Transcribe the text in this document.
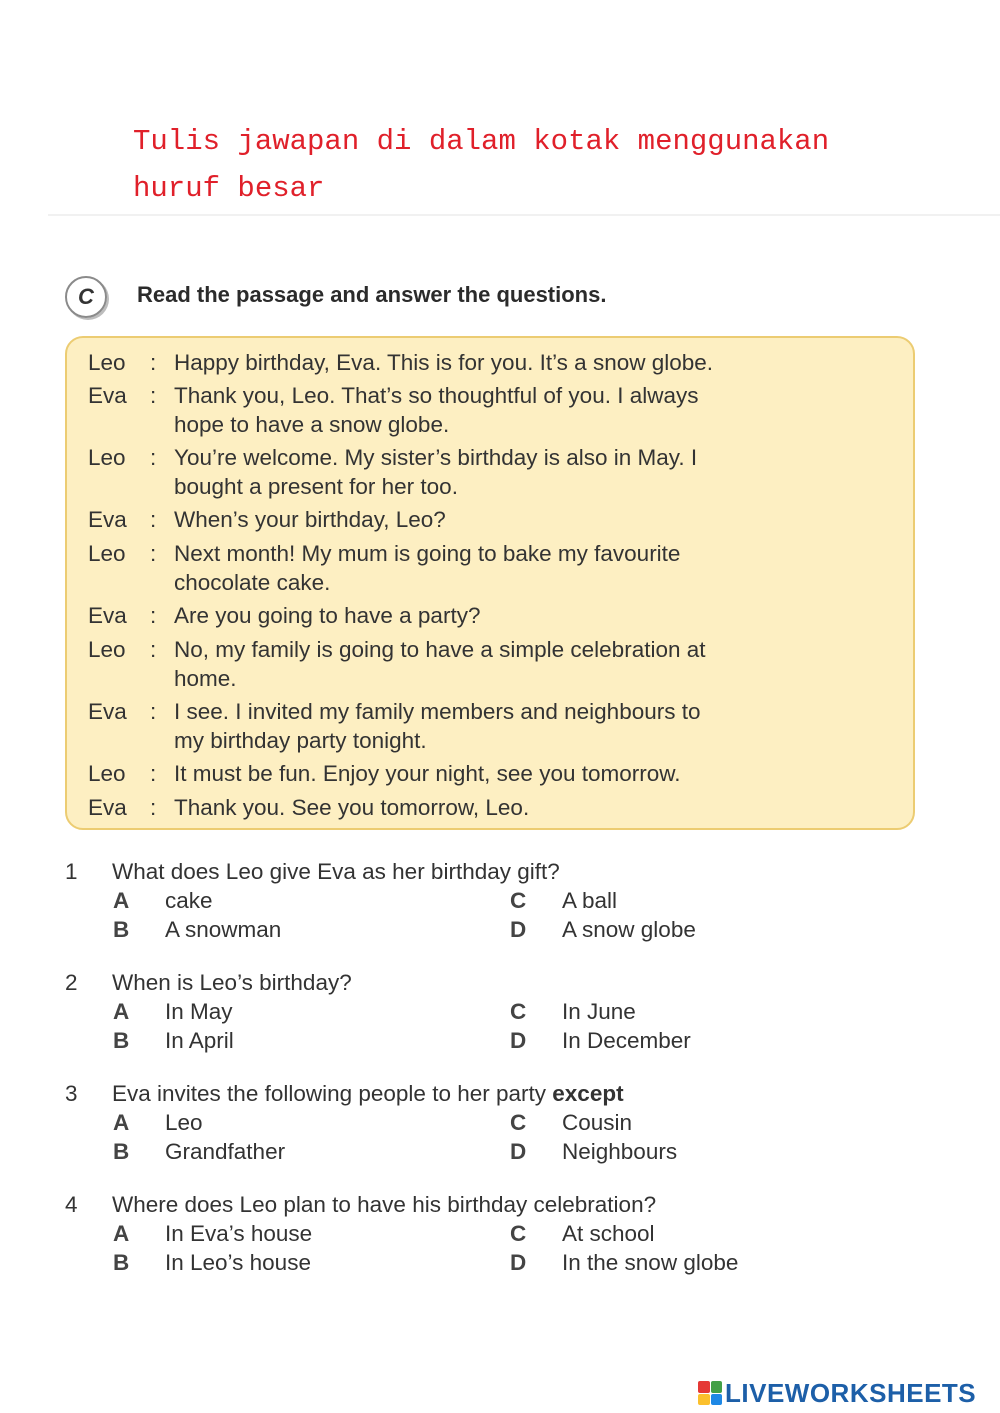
Tulis jawapan di dalam kotak menggunakan
huruf besar
C	Read the passage and answer the questions.
Leo : Happy birthday, Eva. This is for you. It’s a snow globe.
Eva : Thank you, Leo. That’s so thoughtful of you. I always
hope to have a snow globe.
Leo : You’re welcome. My sister’s birthday is also in May. I
bought a present for her too.
Eva : When’s your birthday, Leo?
Leo : Next month! My mum is going to bake my favourite
chocolate cake.
Eva : Are you going to have a party?
Leo : No, my family is going to have a simple celebration at
home.
Eva : I see. I invited my family members and neighbours to
my birthday party tonight.
Leo : It must be fun. Enjoy your night, see you tomorrow.
Eva : Thank you. See you tomorrow, Leo.
1 What does Leo give Eva as her birthday gift?
A cake
B A snowman
C A ball
D A snow globe
2 When is Leo’s birthday?
A In May
B In April
C In June
D In December
3 Eva invites the following people to her party except
A Leo
B Grandfather
C Cousin
D Neighbours
4 Where does Leo plan to have his birthday celebration?
A In Eva’s house
B In Leo’s house
C At school
D In the snow globe
LIVEWORKSHEETS
